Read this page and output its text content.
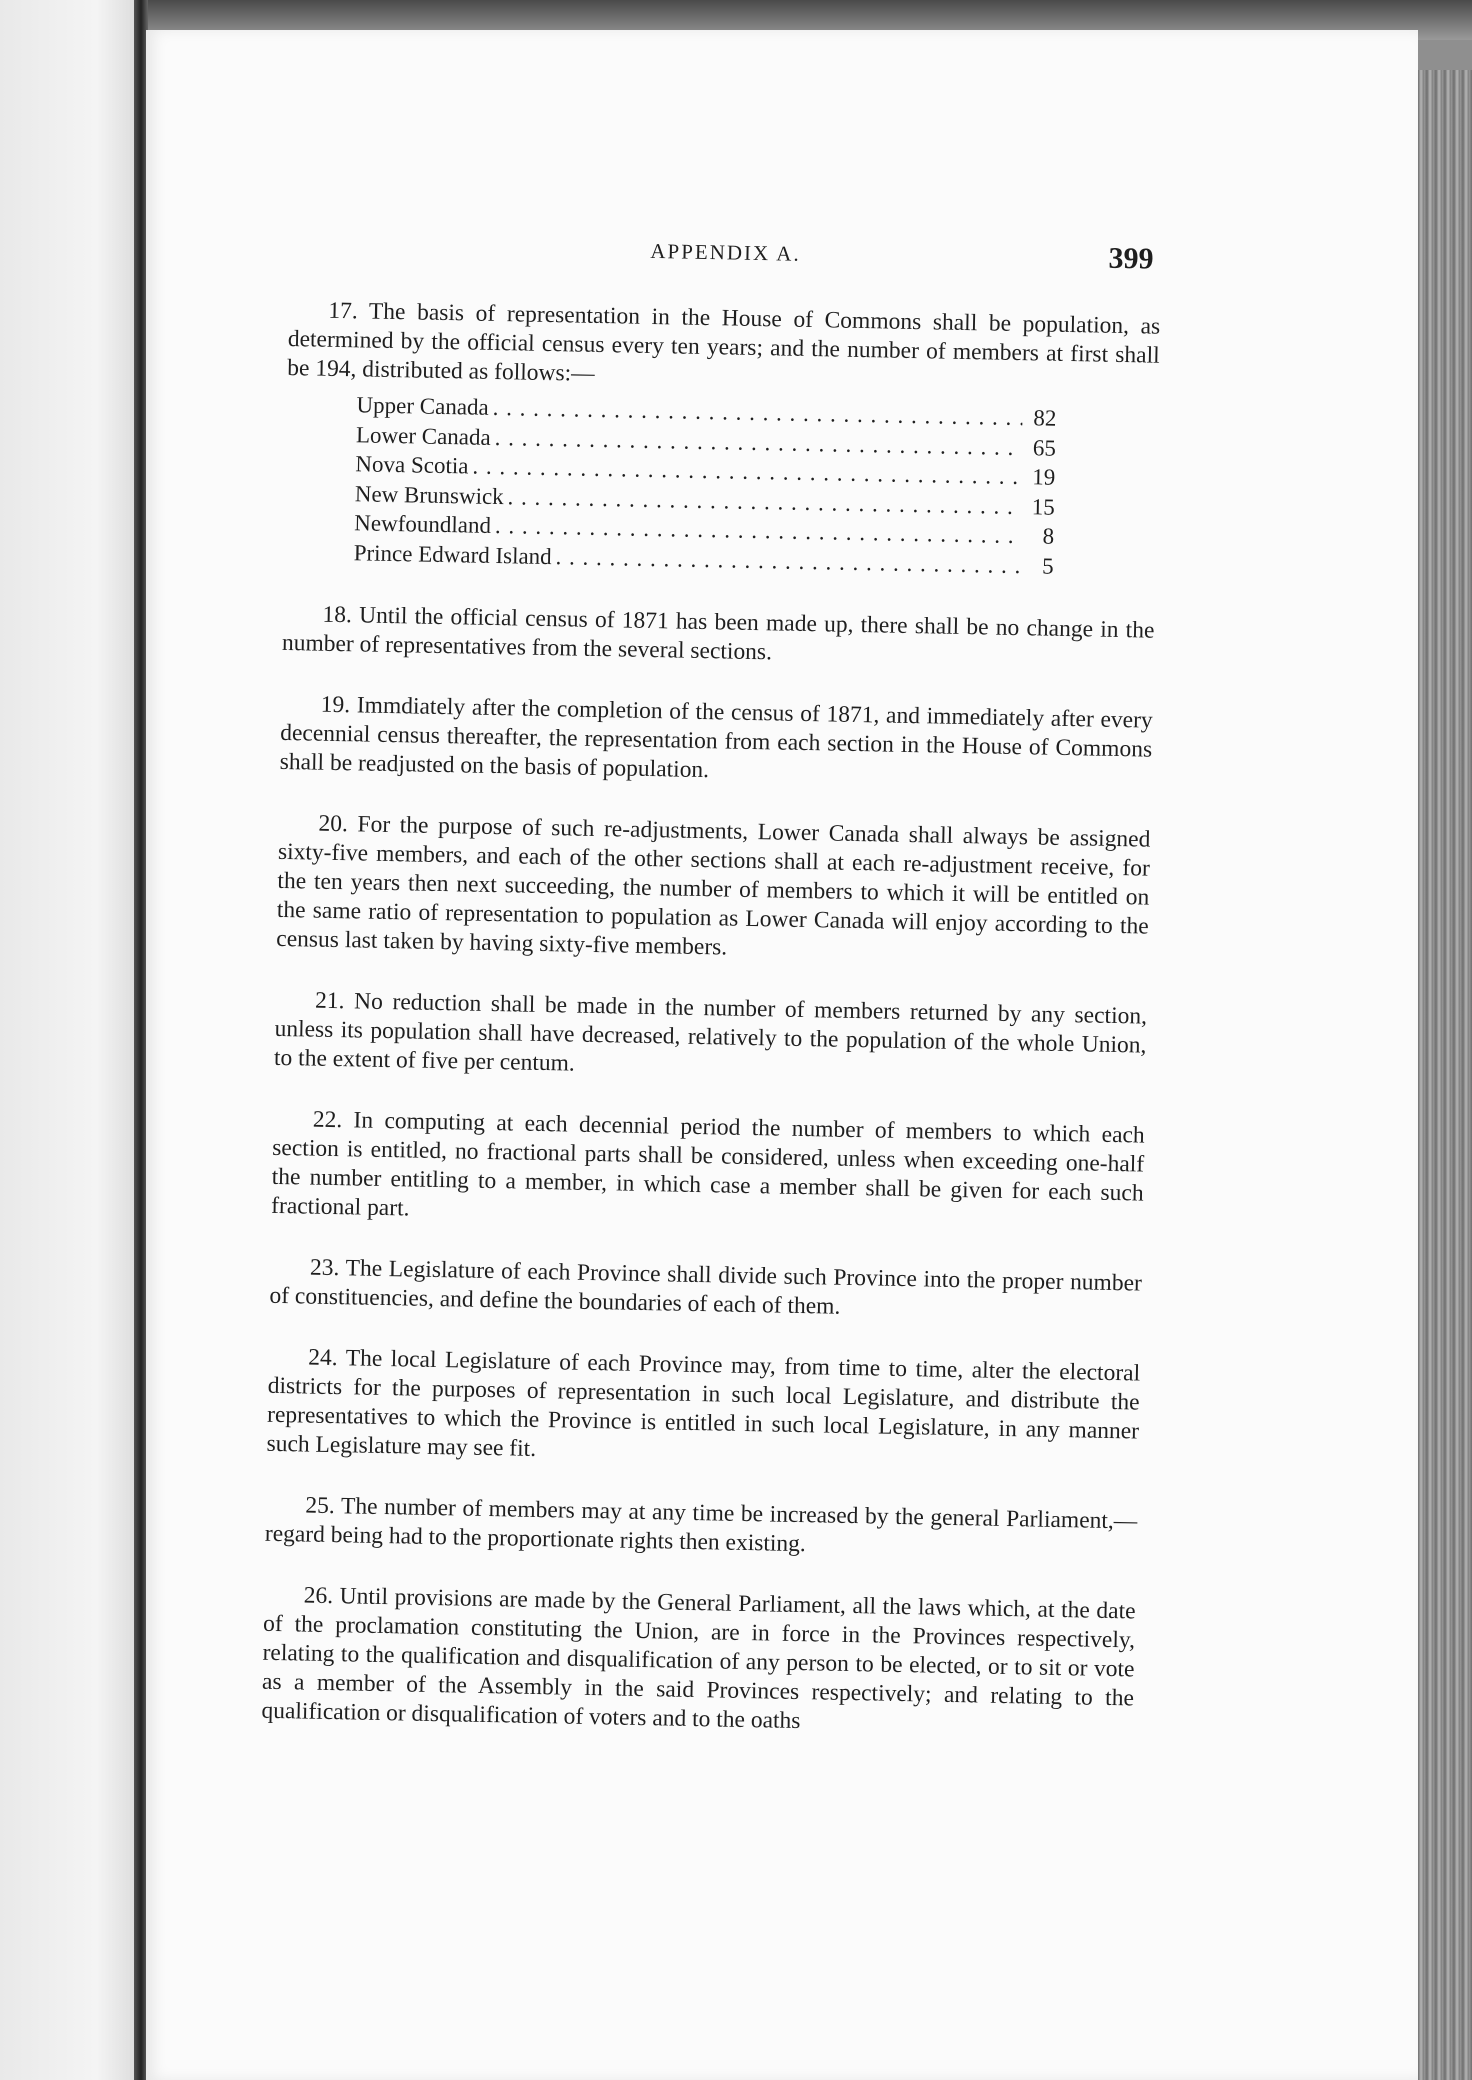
APPENDIX A.	399

17. The basis of representation in the House of Commons shall be population, as determined by the official census every ten years; and the number of members at first shall be 194, distributed as follows:—

Upper Canada . . .	82
Lower Canada . . .	65
Nova Scotia . . .	19
New Brunswick . . .	15
Newfoundland . . .	8
Prince Edward Island . . .	5

18. Until the official census of 1871 has been made up, there shall be no change in the number of representatives from the several sections.

19. Immdiately after the completion of the census of 1871, and immediately after every decennial census thereafter, the representation from each section in the House of Commons shall be readjusted on the basis of population.

20. For the purpose of such re-adjustments, Lower Canada shall always be assigned sixty-five members, and each of the other sections shall at each re-adjustment receive, for the ten years then next succeeding, the number of members to which it will be entitled on the same ratio of representation to population as Lower Canada will enjoy according to the census last taken by having sixty-five members.

21. No reduction shall be made in the number of members returned by any section, unless its population shall have decreased, relatively to the population of the whole Union, to the extent of five per centum.

22. In computing at each decennial period the number of members to which each section is entitled, no fractional parts shall be considered, unless when exceeding one-half the number entitling to a member, in which case a member shall be given for each such fractional part.

23. The Legislature of each Province shall divide such Province into the proper number of constituencies, and define the boundaries of each of them.

24. The local Legislature of each Province may, from time to time, alter the electoral districts for the purposes of representation in such local Legislature, and distribute the representatives to which the Province is entitled in such local Legislature, in any manner such Legislature may see fit.

25. The number of members may at any time be increased by the general Parliament,—regard being had to the proportionate rights then existing.

26. Until provisions are made by the General Parliament, all the laws which, at the date of the proclamation constituting the Union, are in force in the Provinces respectively, relating to the qualification and disqualification of any person to be elected, or to sit or vote as a member of the Assembly in the said Provinces respectively; and relating to the qualification or disqualification of voters and to the oaths
